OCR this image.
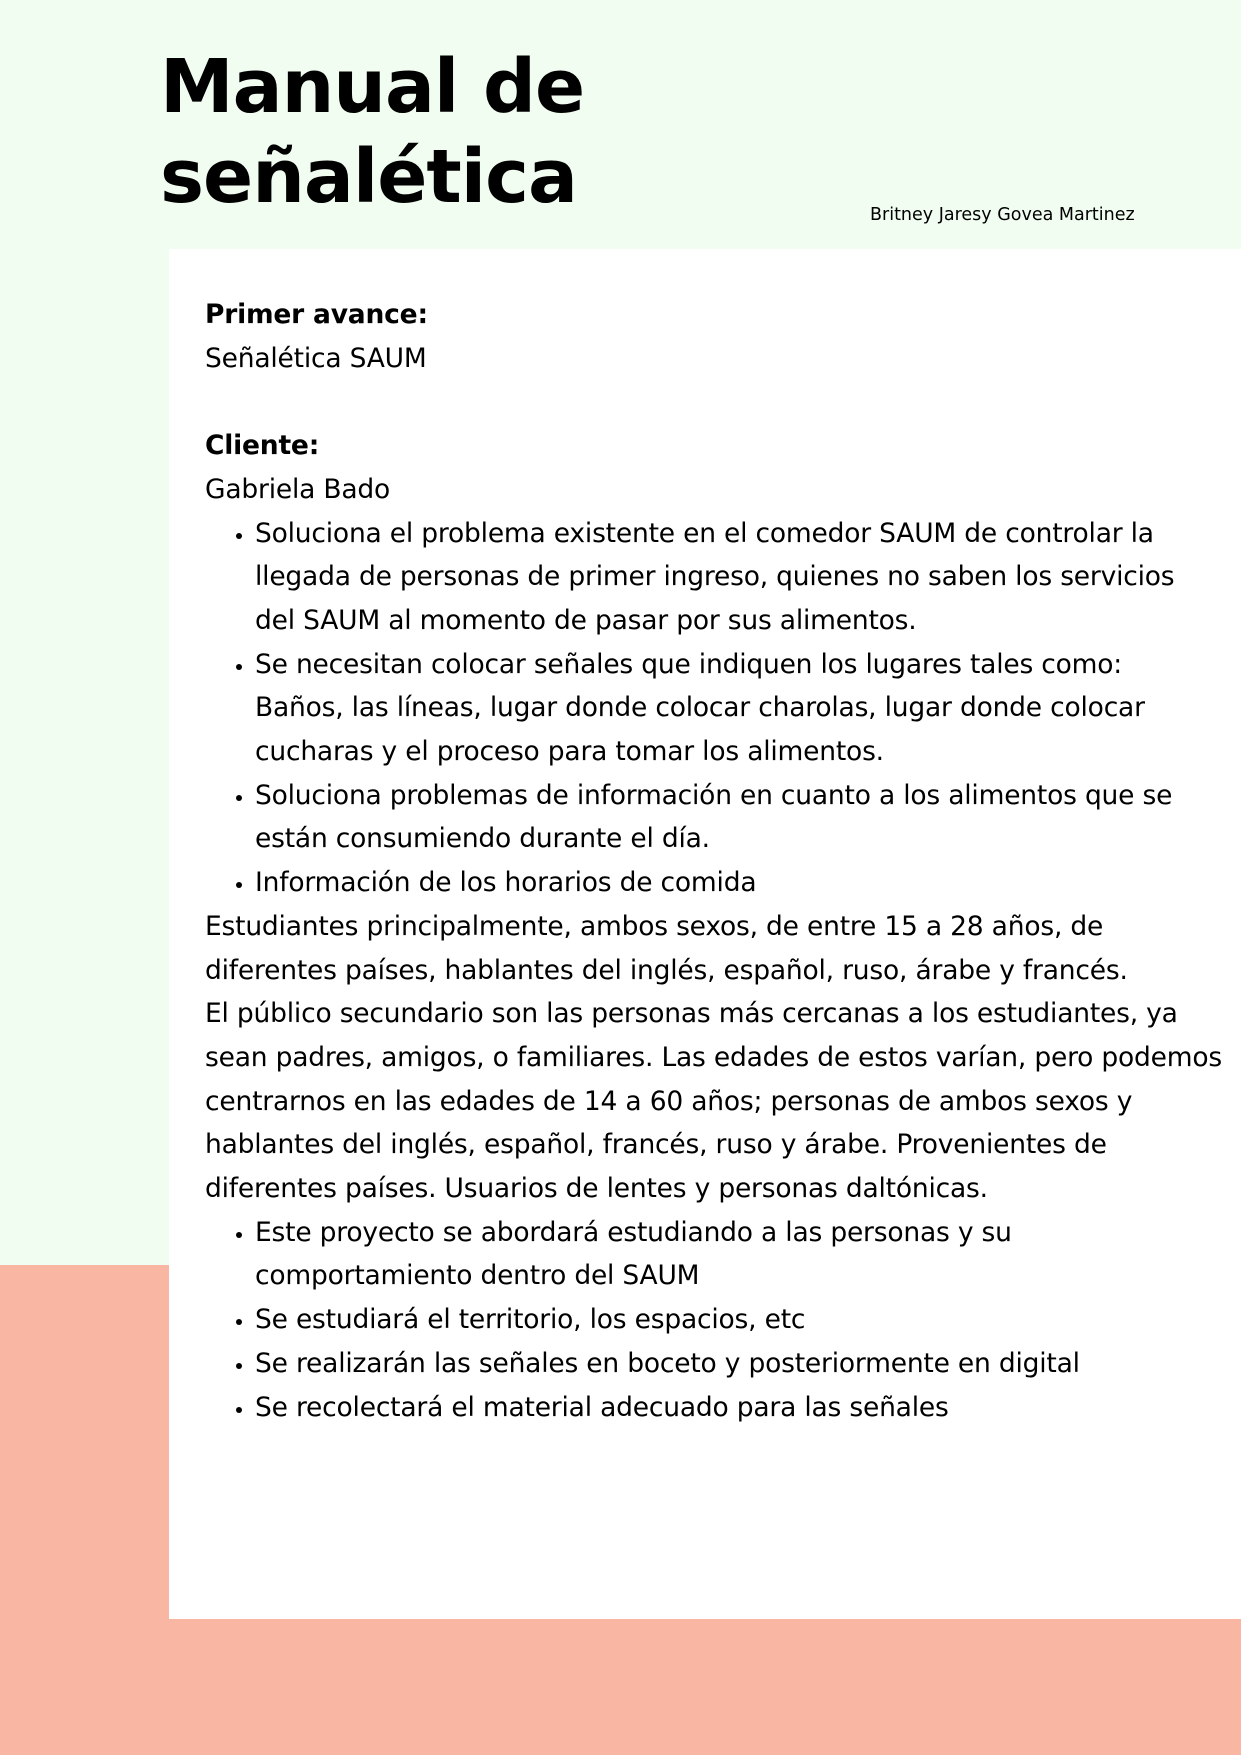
Manual de
señalética	Britney Jaresy Govea Martinez

Primer avance:

Señalética SAUM

Cliente:

Gabriela Bado

• Soluciona el problema existente en el comedor SAUM de controlar la llegada de personas de primer ingreso, quienes no saben los servicios del SAUM al momento de pasar por sus alimentos.
• Se necesitan colocar señales que indiquen los lugares tales como: Baños, las líneas, lugar donde colocar charolas, lugar donde colocar cucharas y el proceso para tomar los alimentos.
• Soluciona problemas de información en cuanto a los alimentos que se están consumiendo durante el día.
• Información de los horarios de comida

Estudiantes principalmente, ambos sexos, de entre 15 a 28 años, de diferentes países, hablantes del inglés, español, ruso, árabe y francés.

El público secundario son las personas más cercanas a los estudiantes, ya sean padres, amigos, o familiares. Las edades de estos varían, pero podemos centrarnos en las edades de 14 a 60 años; personas de ambos sexos y hablantes del inglés, español, francés, ruso y árabe. Provenientes de diferentes países. Usuarios de lentes y personas daltónicas.

• Este proyecto se abordará estudiando a las personas y su comportamiento dentro del SAUM
• Se estudiará el territorio, los espacios, etc
• Se realizarán las señales en boceto y posteriormente en digital
• Se recolectará el material adecuado para las señales
